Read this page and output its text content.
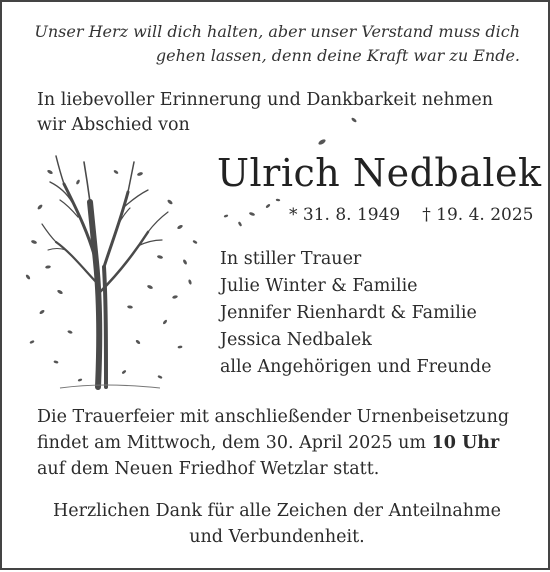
Unser Herz will dich halten, aber unser Verstand muss dich
gehen lassen, denn deine Kraft war zu Ende.
In liebevoller Erinnerung und Dankbarkeit nehmen
wir Abschied von
Ulrich Nedbalek
* 31. 8. 1949 † 19. 4. 2025
In stiller Trauer
Julie Winter & Familie
Jennifer Rienhardt & Familie
Jessica Nedbalek
alle Angehörigen und Freunde
Die Trauerfeier mit anschließender Urnenbeisetzung
findet am Mittwoch, dem 30. April 2025 um 10 Uhr
auf dem Neuen Friedhof Wetzlar statt.
Herzlichen Dank für alle Zeichen der Anteilnahme
und Verbundenheit.
